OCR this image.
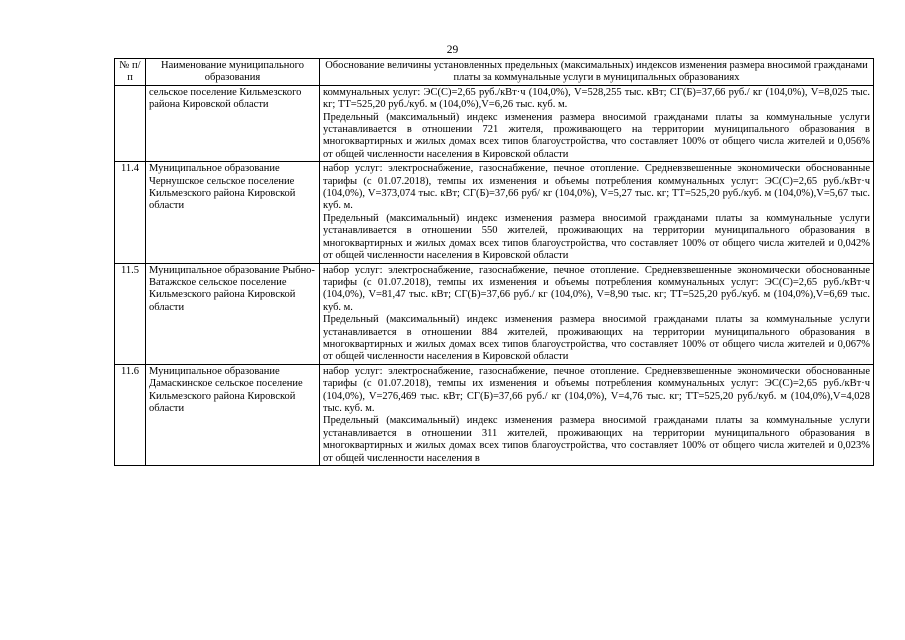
29
№ п/п	Наименование муниципального образования	Обоснование величины установленных предельных (максимальных) индексов изменения размера вносимой гражданами платы за коммунальные услуги в муниципальных образованиях
	сельское поселение Кильмезского района Кировской области	коммунальных услуг: ЭС(С)=2,65 руб./кВт·ч (104,0%), V=528,255 тыс. кВт; СГ(Б)=37,66 руб./ кг (104,0%), V=8,025 тыс. кг; ТТ=525,20 руб./куб. м (104,0%),V=6,26 тыс. куб. м.
Предельный (максимальный) индекс изменения размера вносимой гражданами платы за коммунальные услуги устанавливается в отношении 721 жителя, проживающего на территории муниципального образования в многоквартирных и жилых домах всех типов благоустройства, что составляет 100% от общего числа жителей и 0,056% от общей численности населения в Кировской области

11.4	Муниципальное образование Чернушское сельское поселение Кильмезского района Кировской области	набор услуг: электроснабжение, газоснабжение, печное отопление. Средневзвешенные экономически обоснованные тарифы (с 01.07.2018), темпы их изменения и объемы потребления коммунальных услуг: ЭС(С)=2,65 руб./кВт·ч (104,0%), V=373,074 тыс. кВт; СГ(Б)=37,66 руб/ кг (104,0%), V=5,27 тыс. кг; ТТ=525,20 руб./куб. м (104,0%),V=5,67 тыс. куб. м.
Предельный (максимальный) индекс изменения размера вносимой гражданами платы за коммунальные услуги устанавливается в отношении 550 жителей, проживающих на территории муниципального образования в многоквартирных и жилых домах всех типов благоустройства, что составляет 100% от общего числа жителей и 0,042% от общей численности населения в Кировской области

11.5	Муниципальное образование Рыбно-Ватажское сельское поселение Кильмезского района Кировской области	набор услуг: электроснабжение, газоснабжение, печное отопление. Средневзвешенные экономически обоснованные тарифы (с 01.07.2018), темпы их изменения и объемы потребления коммунальных услуг: ЭС(С)=2,65 руб./кВт·ч (104,0%), V=81,47 тыс. кВт; СГ(Б)=37,66 руб./ кг (104,0%), V=8,90 тыс. кг; ТТ=525,20 руб./куб. м (104,0%),V=6,69 тыс. куб. м.
Предельный (максимальный) индекс изменения размера вносимой гражданами платы за коммунальные услуги устанавливается в отношении 884 жителей, проживающих на территории муниципального образования в многоквартирных и жилых домах всех типов благоустройства, что составляет 100% от общего числа жителей и 0,067% от общей численности населения в Кировской области

11.6	Муниципальное образование Дамаскинское сельское поселение Кильмезского района Кировской области	набор услуг: электроснабжение, газоснабжение, печное отопление. Средневзвешенные экономически обоснованные тарифы (с 01.07.2018), темпы их изменения и объемы потребления коммунальных услуг: ЭС(С)=2,65 руб./кВт·ч (104,0%), V=276,469 тыс. кВт; СГ(Б)=37,66 руб./ кг (104,0%), V=4,76 тыс. кг; ТТ=525,20 руб./куб. м (104,0%),V=4,028 тыс. куб. м.
Предельный (максимальный) индекс изменения размера вносимой гражданами платы за коммунальные услуги устанавливается в отношении 311 жителей, проживающих на территории муниципального образования в многоквартирных и жилых домах всех типов благоустройства, что составляет 100% от общего числа жителей и 0,023% от общей численности населения в
